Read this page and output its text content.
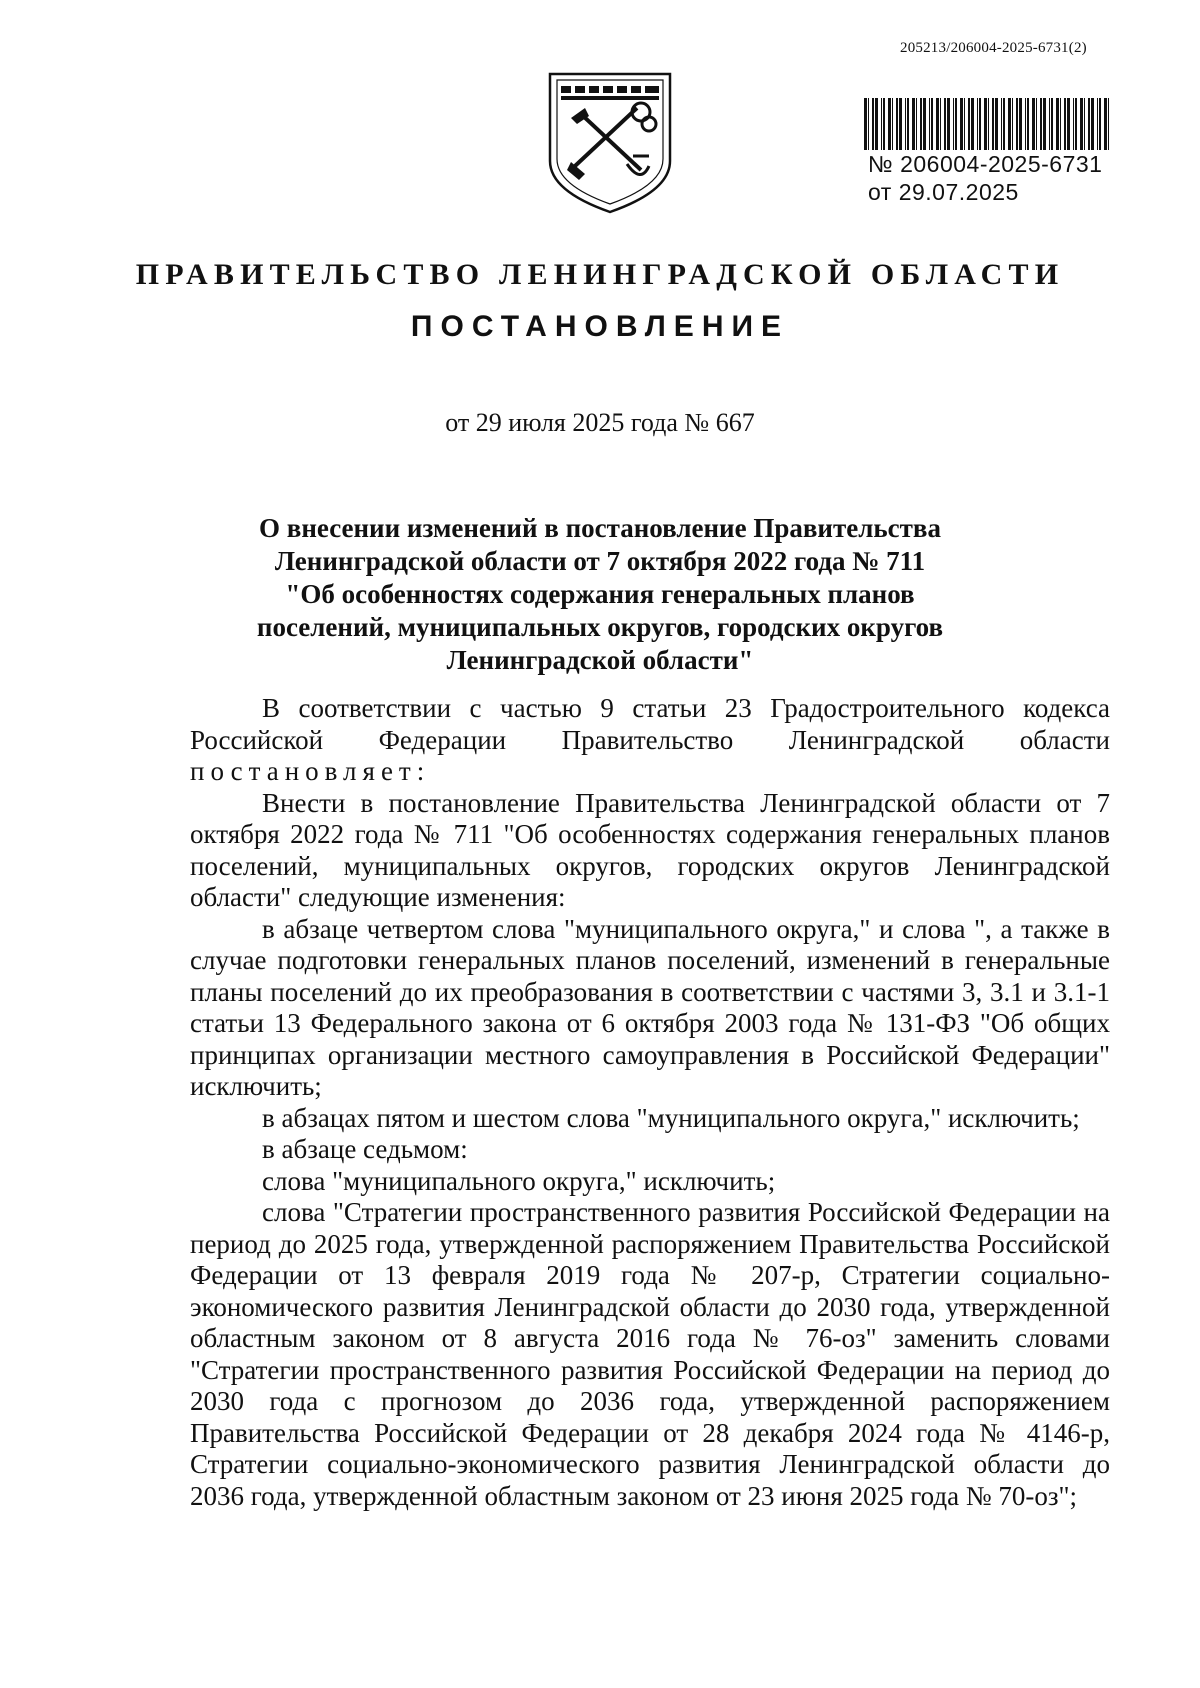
205213/206004-2025-6731(2)
№ 206004-2025-6731
от 29.07.2025
ПРАВИТЕЛЬСТВО ЛЕНИНГРАДСКОЙ ОБЛАСТИ
ПОСТАНОВЛЕНИЕ
от 29 июля 2025 года № 667
О внесении изменений в постановление Правительства
Ленинградской области от 7 октября 2022 года № 711
"Об особенностях содержания генеральных планов
поселений, муниципальных округов, городских округов
Ленинградской области"

В соответствии с частью 9 статьи 23 Градостроительного кодекса Российской Федерации Правительство Ленинградской области постановляет:

Внести в постановление Правительства Ленинградской области от 7 октября 2022 года № 711 "Об особенностях содержания генеральных планов поселений, муниципальных округов, городских округов Ленинградской области" следующие изменения:

в абзаце четвертом слова "муниципального округа," и слова ", а также в случае подготовки генеральных планов поселений, изменений в генеральные планы поселений до их преобразования в соответствии с частями 3, 3.1 и 3.1-1 статьи 13 Федерального закона от 6 октября 2003 года № 131-ФЗ "Об общих принципах организации местного самоуправления в Российской Федерации" исключить;

в абзацах пятом и шестом слова "муниципального округа," исключить;

в абзаце седьмом:

слова "муниципального округа," исключить;

слова "Стратегии пространственного развития Российской Федерации на период до 2025 года, утвержденной распоряжением Правительства Российской Федерации от 13 февраля 2019 года № 207-р, Стратегии социально-экономического развития Ленинградской области до 2030 года, утвержденной областным законом от 8 августа 2016 года № 76-оз" заменить словами "Стратегии пространственного развития Российской Федерации на период до 2030 года с прогнозом до 2036 года, утвержденной распоряжением Правительства Российской Федерации от 28 декабря 2024 года № 4146-р, Стратегии социально-экономического развития Ленинградской области до 2036 года, утвержденной областным законом от 23 июня 2025 года № 70-оз";
